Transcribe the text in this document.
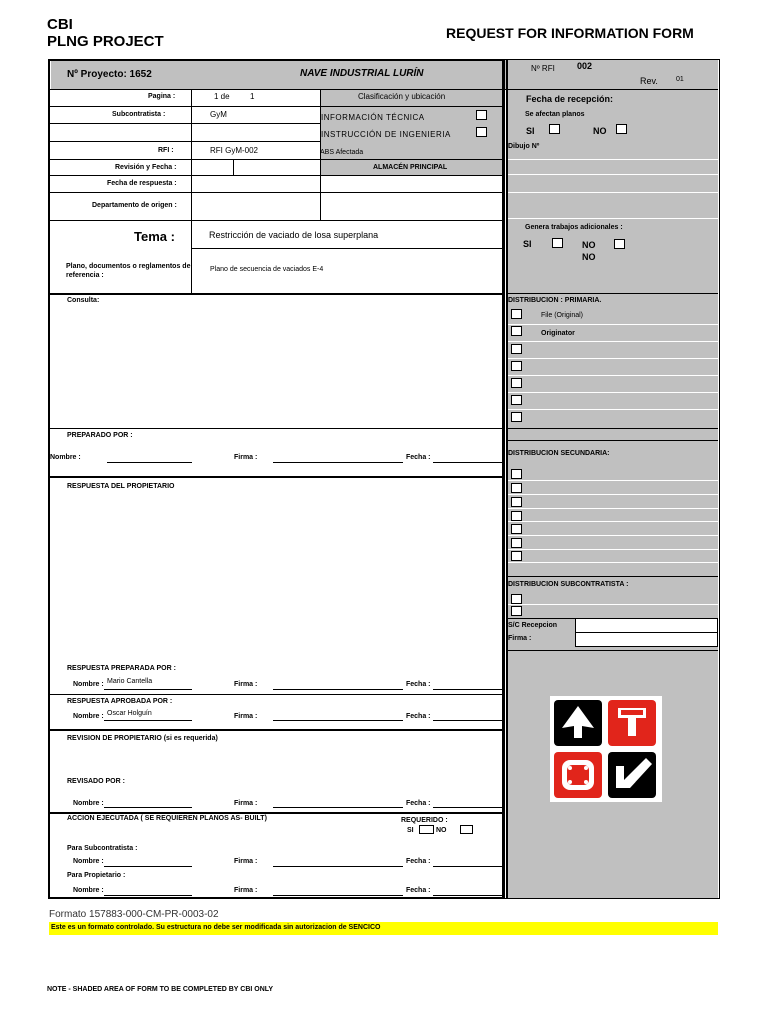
CBI
PLNG PROJECT	REQUEST FOR INFORMATION FORM
Nº Proyecto: 1652	NAVE INDUSTRIAL LURÍN	Nº RFI 002
Rev.	01
Pagina :	1 de	1	Clasificación y ubicación	Fecha de recepción:
Subcontratista :	GyM	INFORMACIÓN TÉCNICA
INSTRUCCIÓN DE INGENIERIA
Se afectan planos
SI	NO
RFI :	RFI GyM-002	ABS Afectada
Dibujo Nº
Revisión y Fecha :	ALMACÉN PRINCIPAL
Fecha de respuesta :
Departamento de origen :
Tema :	Restricción de vaciado de losa superplana
Genera trabajos adicionales :
SI	NO
NO
Plano, documentos o reglamentos de referencia :
Plano de secuencia de vaciados E-4
Consulta:
PREPARADO POR :
Nombre :	Firma :	Fecha :
RESPUESTA DEL PROPIETARIO
RESPUESTA PREPARADA POR :
Nombre : Mario Cantella	Firma :	Fecha :
RESPUESTA APROBADA POR :
Nombre : Oscar Holguín	Firma :	Fecha :
REVISION DE PROPIETARIO (si es requerida)
REVISADO POR :
Nombre :	Firma :	Fecha :
ACCION EJECUTADA ( SE REQUIEREN PLANOS AS- BUILT)	REQUERIDO :
SI	NO
Para Subcontratista :
Nombre :	Firma :	Fecha :
Para Propietario :
Nombre :	Firma :	Fecha :
DISTRIBUCION : PRIMARIA.
File (Original)
Originator
DISTRIBUCION SECUNDARIA:
DISTRIBUCION SUBCONTRATISTA :
S/C Recepcion
Firma :
Formato 157883-000-CM-PR-0003-02
Este es un formato controlado. Su estructura no debe ser modificada sin autorizacion de SENCICO
NOTE - SHADED AREA OF FORM TO BE COMPLETED BY CBI ONLY
